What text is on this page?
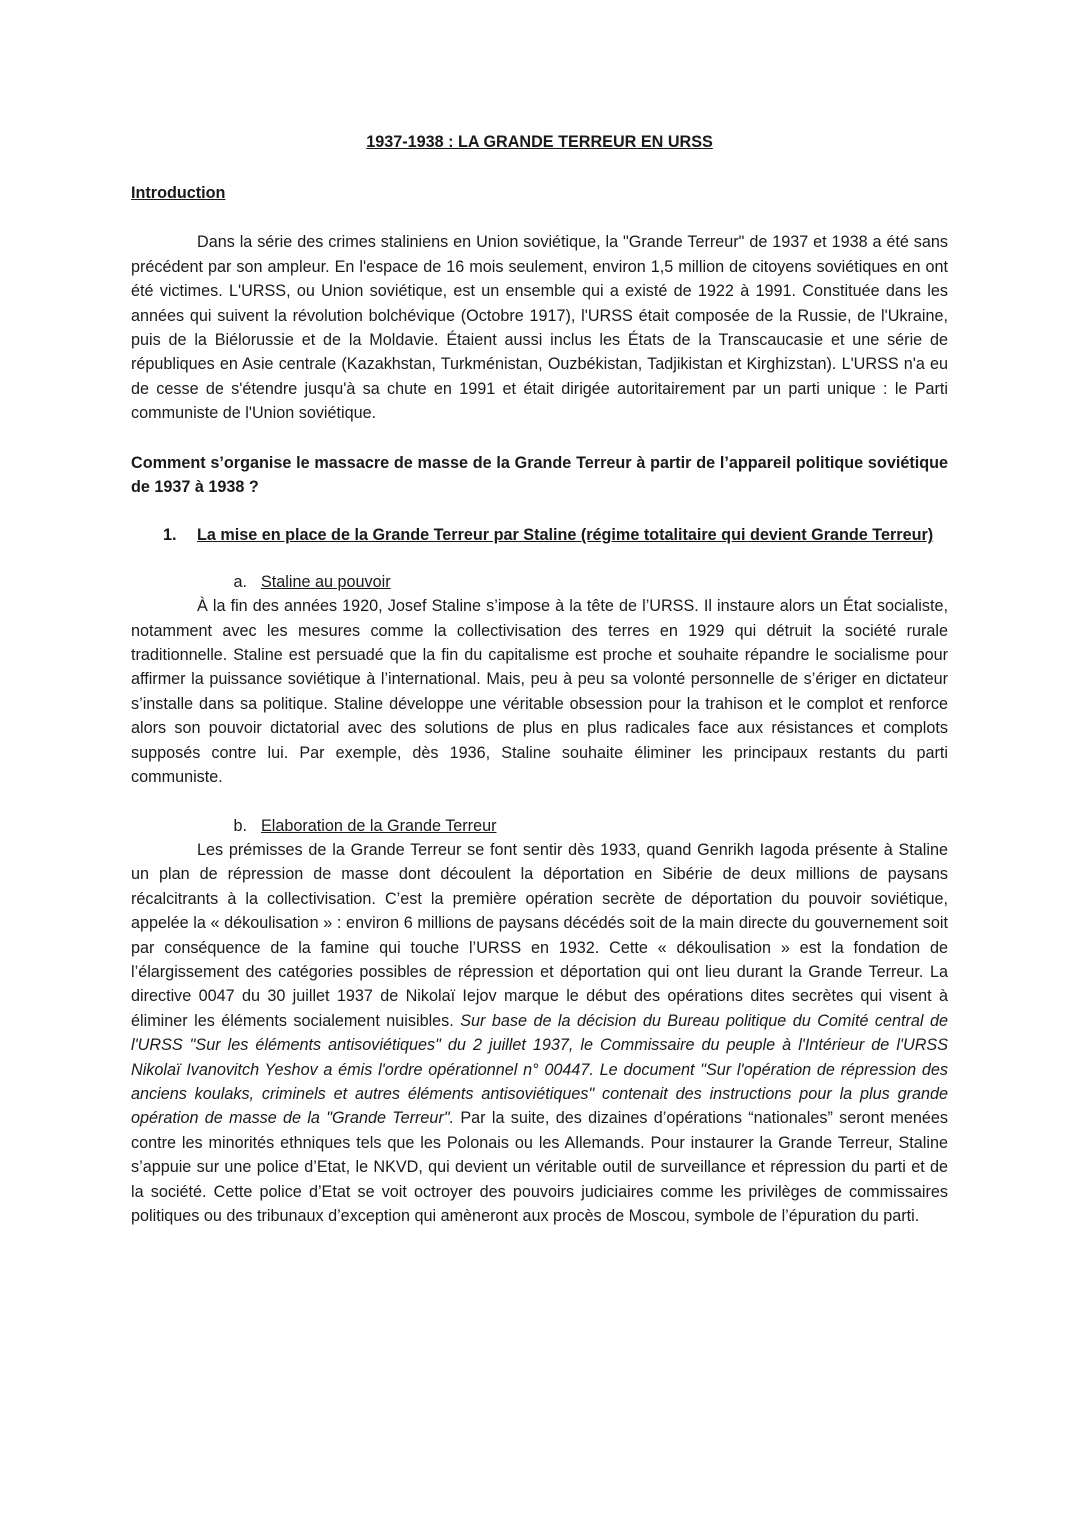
1937-1938 : LA GRANDE TERREUR EN URSS
Introduction

Dans la série des crimes staliniens en Union soviétique, la "Grande Terreur" de 1937 et 1938 a été sans précédent par son ampleur. En l'espace de 16 mois seulement, environ 1,5 million de citoyens soviétiques en ont été victimes. L'URSS, ou Union soviétique, est un ensemble qui a existé de 1922 à 1991. Constituée dans les années qui suivent la révolution bolchévique (Octobre 1917), l'URSS était composée de la Russie, de l'Ukraine, puis de la Biélorussie et de la Moldavie. Étaient aussi inclus les États de la Transcaucasie et une série de républiques en Asie centrale (Kazakhstan, Turkménistan, Ouzbékistan, Tadjikistan et Kirghizstan). L'URSS n'a eu de cesse de s'étendre jusqu'à sa chute en 1991 et était dirigée autoritairement par un parti unique : le Parti communiste de l'Union soviétique.

Comment s’organise le massacre de masse de la Grande Terreur à partir de l’appareil politique soviétique de 1937 à 1938 ?

1.	La mise en place de la Grande Terreur par Staline (régime totalitaire qui devient Grande Terreur)
a. Staline au pouvoir

À la fin des années 1920, Josef Staline s’impose à la tête de l’URSS. Il instaure alors un État socialiste, notamment avec les mesures comme la collectivisation des terres en 1929 qui détruit la société rurale traditionnelle. Staline est persuadé que la fin du capitalisme est proche et souhaite répandre le socialisme pour affirmer la puissance soviétique à l’international. Mais, peu à peu sa volonté personnelle de s’ériger en dictateur s’installe dans sa politique. Staline développe une véritable obsession pour la trahison et le complot et renforce alors son pouvoir dictatorial avec des solutions de plus en plus radicales face aux résistances et complots supposés contre lui. Par exemple, dès 1936, Staline souhaite éliminer les principaux restants du parti communiste.

b. Elaboration de la Grande Terreur

Les prémisses de la Grande Terreur se font sentir dès 1933, quand Genrikh Iagoda présente à Staline un plan de répression de masse dont découlent la déportation en Sibérie de deux millions de paysans récalcitrants à la collectivisation. C’est la première opération secrète de déportation du pouvoir soviétique, appelée la « dékoulisation » : environ 6 millions de paysans décédés soit de la main directe du gouvernement soit par conséquence de la famine qui touche l’URSS en 1932. Cette « dékoulisation » est la fondation de l’élargissement des catégories possibles de répression et déportation qui ont lieu durant la Grande Terreur. La directive 0047 du 30 juillet 1937 de Nikolaï Iejov marque le début des opérations dites secrètes qui visent à éliminer les éléments socialement nuisibles. Sur base de la décision du Bureau politique du Comité central de l'URSS "Sur les éléments antisoviétiques" du 2 juillet 1937, le Commissaire du peuple à l'Intérieur de l'URSS Nikolaï Ivanovitch Yeshov a émis l'ordre opérationnel n° 00447. Le document "Sur l'opération de répression des anciens koulaks, criminels et autres éléments antisoviétiques" contenait des instructions pour la plus grande opération de masse de la "Grande Terreur". Par la suite, des dizaines d’opérations “nationales” seront menées contre les minorités ethniques tels que les Polonais ou les Allemands. Pour instaurer la Grande Terreur, Staline s’appuie sur une police d’Etat, le NKVD, qui devient un véritable outil de surveillance et répression du parti et de la société. Cette police d’Etat se voit octroyer des pouvoirs judiciaires comme les privilèges de commissaires politiques ou des tribunaux d’exception qui amèneront aux procès de Moscou, symbole de l’épuration du parti.
